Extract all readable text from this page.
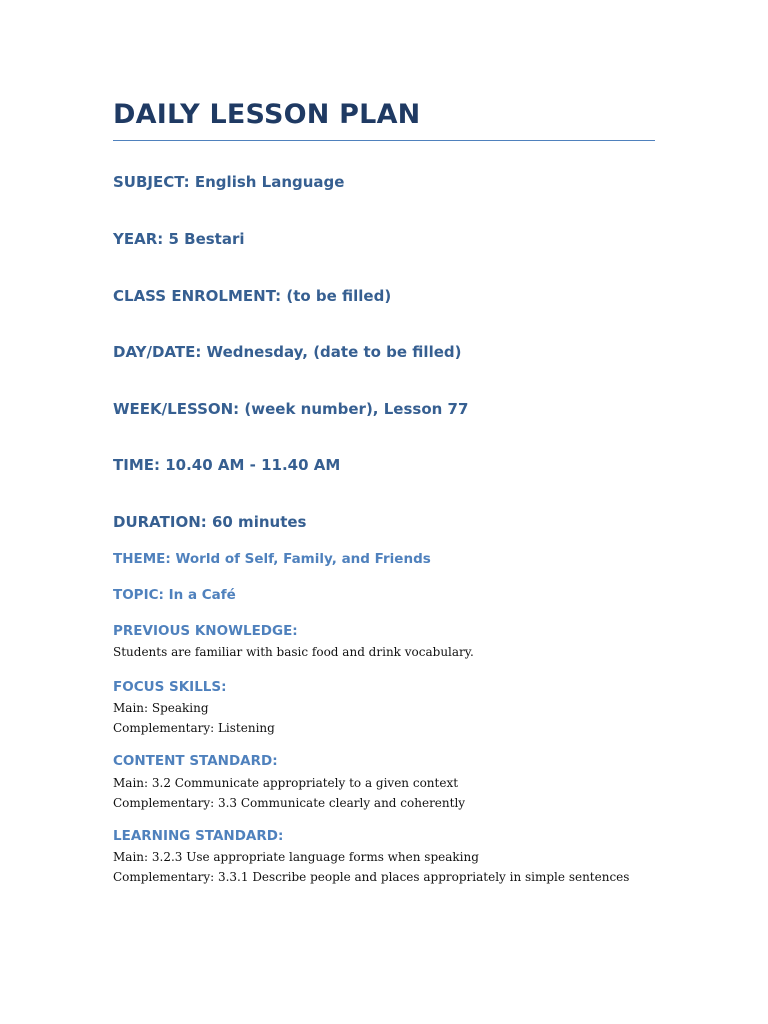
DAILY LESSON PLAN
SUBJECT: English Language
YEAR: 5 Bestari
CLASS ENROLMENT: (to be filled)
DAY/DATE: Wednesday, (date to be filled)
WEEK/LESSON: (week number), Lesson 77
TIME: 10.40 AM - 11.40 AM
DURATION: 60 minutes
THEME: World of Self, Family, and Friends
TOPIC: In a Café
PREVIOUS KNOWLEDGE:
Students are familiar with basic food and drink vocabulary.
FOCUS SKILLS:
Main: Speaking
Complementary: Listening
CONTENT STANDARD:
Main: 3.2 Communicate appropriately to a given context
Complementary: 3.3 Communicate clearly and coherently
LEARNING STANDARD:
Main: 3.2.3 Use appropriate language forms when speaking
Complementary: 3.3.1 Describe people and places appropriately in simple sentences
